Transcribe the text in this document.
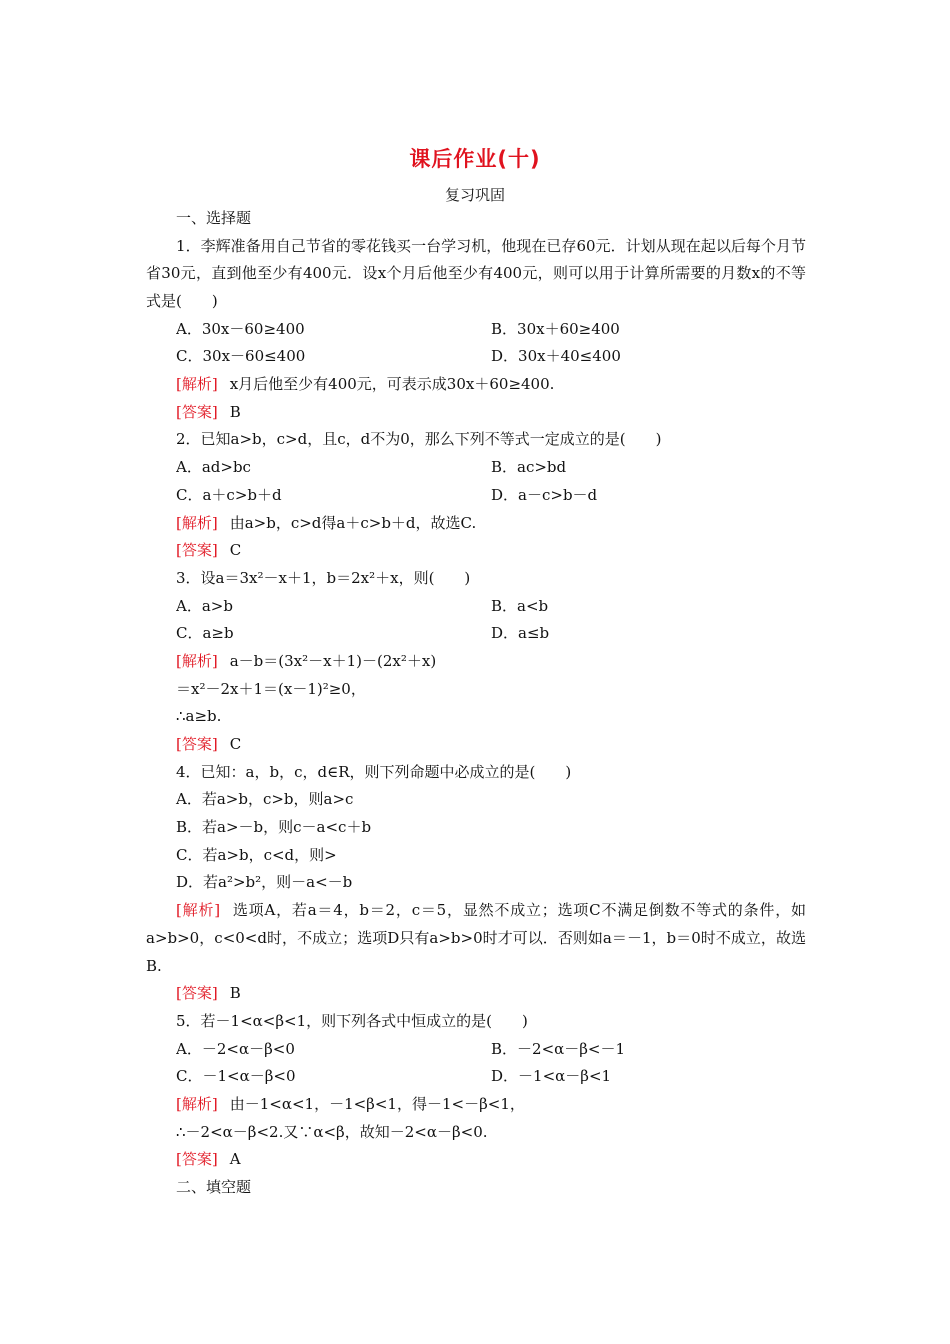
课后作业(十)
复习巩固
一、选择题
1．李辉准备用自己节省的零花钱买一台学习机，他现在已存60元．计划从现在起以后每个月节省30元，直到他至少有400元．设x个月后他至少有400元，则可以用于计算所需要的月数x的不等式是(　　)
A．30x－60≥400	B．30x＋60≥400
C．30x－60≤400	D．30x＋40≤400
[解析] x月后他至少有400元，可表示成30x＋60≥400.
[答案] B
2．已知a>b，c>d，且c，d不为0，那么下列不等式一定成立的是(　　)
A．ad>bc	B．ac>bd
C．a＋c>b＋d	D．a－c>b－d
[解析] 由a>b，c>d得a＋c>b＋d，故选C.
[答案] C
3．设a＝3x²－x＋1，b＝2x²＋x，则(　　)
A．a>b	B．a<b
C．a≥b	D．a≤b
[解析] a－b＝(3x²－x＋1)－(2x²＋x)
＝x²－2x＋1＝(x－1)²≥0，
∴a≥b.
[答案] C
4．已知：a，b，c，d∈R，则下列命题中必成立的是(　　)
A．若a>b，c>b，则a>c
B．若a>－b，则c－a<c＋b
C．若a>b，c<d，则>
D．若a²>b²，则－a<－b
[解析] 选项A，若a＝4，b＝2，c＝5，显然不成立；选项C不满足倒数不等式的条件，如a>b>0，c<0<d时，不成立；选项D只有a>b>0时才可以．否则如a＝－1，b＝0时不成立，故选B.
[答案] B
5．若－1<α<β<1，则下列各式中恒成立的是(　　)
A．－2<α－β<0	B．－2<α－β<－1
C．－1<α－β<0	D．－1<α－β<1
[解析] 由－1<α<1，－1<β<1，得－1<－β<1，
∴－2<α－β<2.又∵α<β，故知－2<α－β<0.
[答案] A
二、填空题
